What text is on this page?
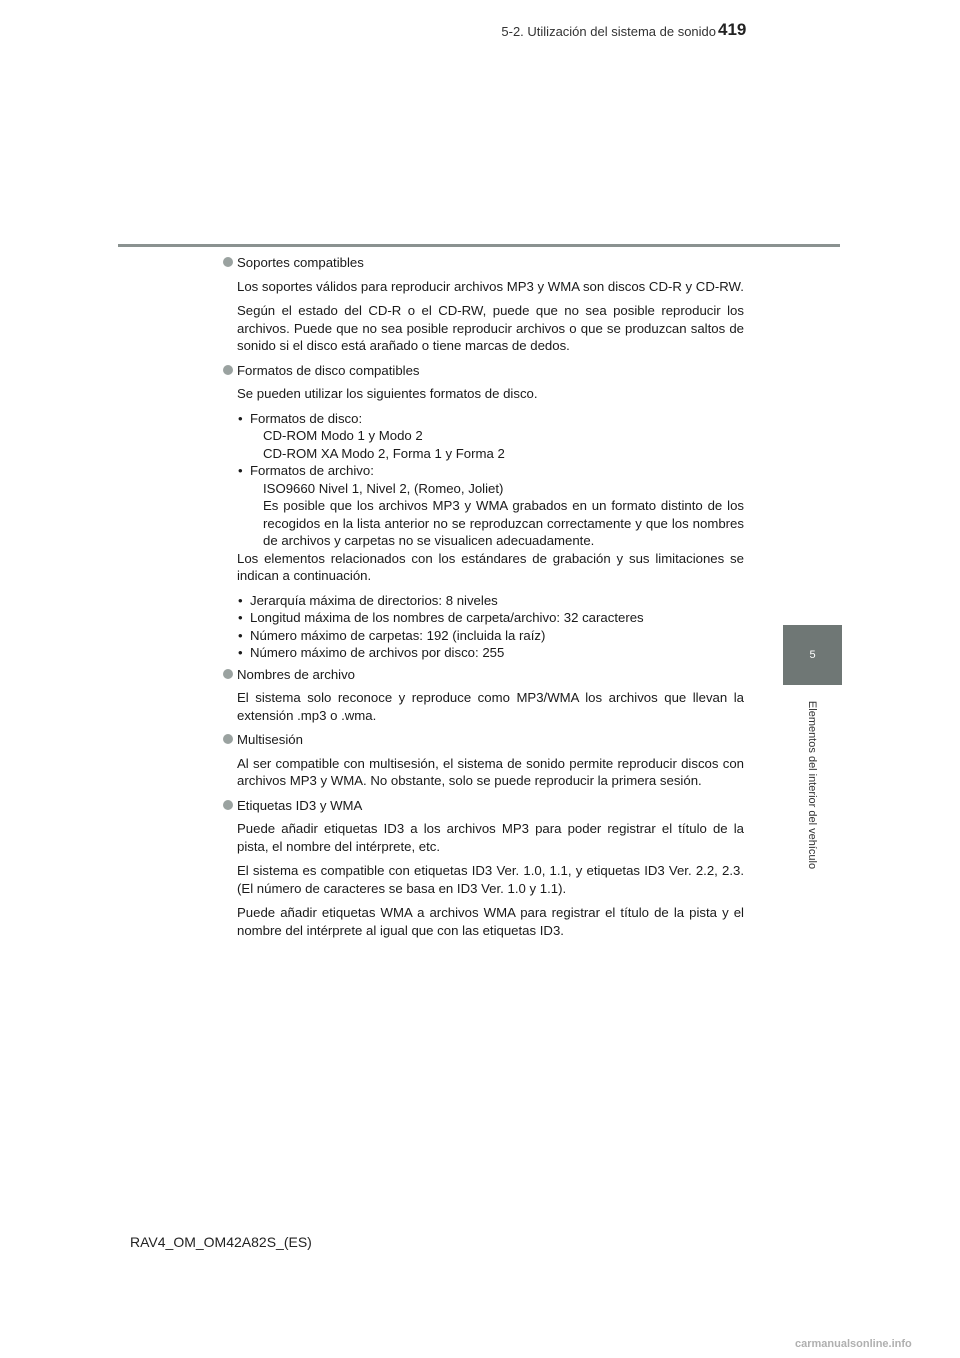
5-2. Utilización del sistema de sonido 419
5
Elementos del interior del vehículo
Soportes compatibles
Los soportes válidos para reproducir archivos MP3 y WMA son discos CD-R y CD-RW.
Según el estado del CD-R o el CD-RW, puede que no sea posible reproducir los archivos. Puede que no sea posible reproducir archivos o que se produzcan saltos de sonido si el disco está arañado o tiene marcas de dedos.
Formatos de disco compatibles
Se pueden utilizar los siguientes formatos de disco.
• Formatos de disco:
CD-ROM Modo 1 y Modo 2
CD-ROM XA Modo 2, Forma 1 y Forma 2
• Formatos de archivo:
ISO9660 Nivel 1, Nivel 2, (Romeo, Joliet)
Es posible que los archivos MP3 y WMA grabados en un formato distinto de los recogidos en la lista anterior no se reproduzcan correctamente y que los nombres de archivos y carpetas no se visualicen adecuadamente.
Los elementos relacionados con los estándares de grabación y sus limitaciones se indican a continuación.
• Jerarquía máxima de directorios: 8 niveles
• Longitud máxima de los nombres de carpeta/archivo: 32 caracteres
• Número máximo de carpetas: 192 (incluida la raíz)
• Número máximo de archivos por disco: 255
Nombres de archivo
El sistema solo reconoce y reproduce como MP3/WMA los archivos que llevan la extensión .mp3 o .wma.
Multisesión
Al ser compatible con multisesión, el sistema de sonido permite reproducir discos con archivos MP3 y WMA. No obstante, solo se puede reproducir la primera sesión.
Etiquetas ID3 y WMA
Puede añadir etiquetas ID3 a los archivos MP3 para poder registrar el título de la pista, el nombre del intérprete, etc.
El sistema es compatible con etiquetas ID3 Ver. 1.0, 1.1, y etiquetas ID3 Ver. 2.2, 2.3. (El número de caracteres se basa en ID3 Ver. 1.0 y 1.1).
Puede añadir etiquetas WMA a archivos WMA para registrar el título de la pista y el nombre del intérprete al igual que con las etiquetas ID3.
RAV4_OM_OM42A82S_(ES)
carmanualsonline.info
